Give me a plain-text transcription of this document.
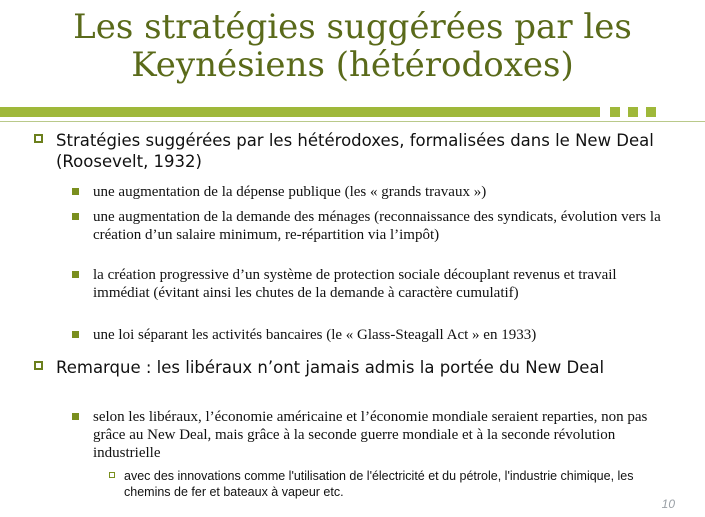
Les stratégies suggérées par les
Keynésiens (hétérodoxes)
Stratégies suggérées par les hétérodoxes, formalisées dans le New Deal (Roosevelt, 1932)
une augmentation de la dépense publique (les « grands travaux »)
une augmentation de la demande des ménages (reconnaissance des syndicats, évolution vers la création d’un salaire minimum, re-répartition via l’impôt)
la création progressive d’un système de protection sociale découplant revenus et travail immédiat (évitant ainsi les chutes de la demande à caractère cumulatif)
une loi séparant les activités bancaires (le « Glass-Steagall Act » en 1933)
Remarque : les libéraux n’ont jamais admis la portée du New Deal
selon les libéraux, l’économie américaine et l’économie mondiale seraient reparties, non pas grâce au New Deal, mais grâce à la seconde guerre mondiale et à la seconde révolution industrielle
avec des innovations comme l'utilisation de l'électricité et du pétrole, l'industrie chimique, les chemins de fer et bateaux à vapeur etc.
10
